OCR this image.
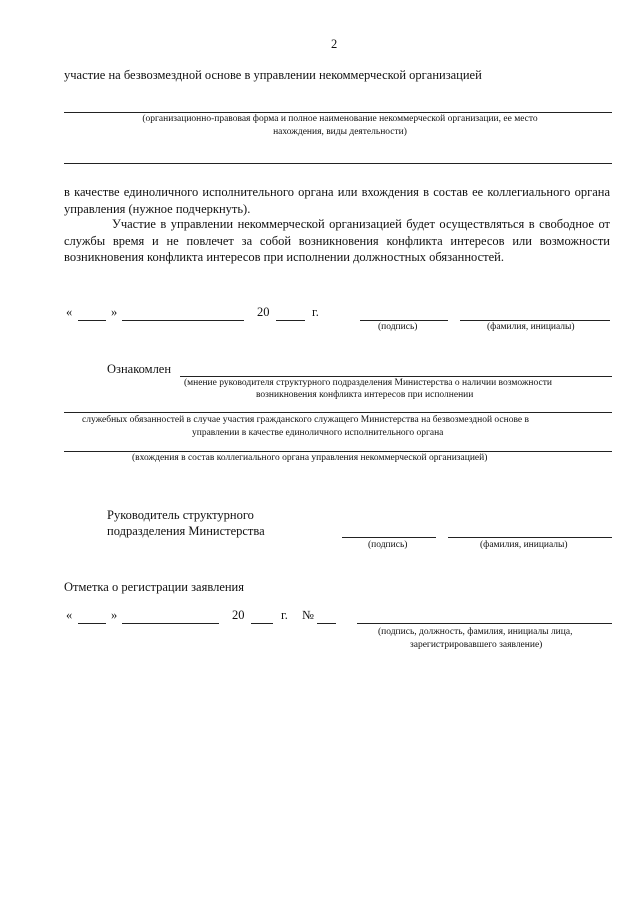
2
участие на безвозмездной основе в управлении некоммерческой организацией
(организационно-правовая форма и полное наименование некоммерческой организации, ее место
нахождения, виды деятельности)
в качестве единоличного исполнительного органа или вхождения в состав ее коллегиального органа управления (нужное подчеркнуть).
Участие в управлении некоммерческой организацией будет осуществляться в свободное от службы время и не повлечет за собой возникновения конфликта интересов или возможности возникновения конфликта интересов при исполнении должностных обязанностей.
«	»	20	г.
(подпись)	(фамилия, инициалы)
Ознакомлен
(мнение руководителя структурного подразделения Министерства о наличии возможности
возникновения конфликта интересов при исполнении
служебных обязанностей в случае участия гражданского служащего Министерства на безвозмездной основе в
управлении в качестве единоличного исполнительного органа
(вхождения в состав коллегиального органа управления некоммерческой организацией)
Руководитель структурного
подразделения Министерства
(подпись)	(фамилия, инициалы)
Отметка о регистрации заявления
«	»	20	г. №
(подпись, должность, фамилия, инициалы лица,
зарегистрировавшего заявление)
